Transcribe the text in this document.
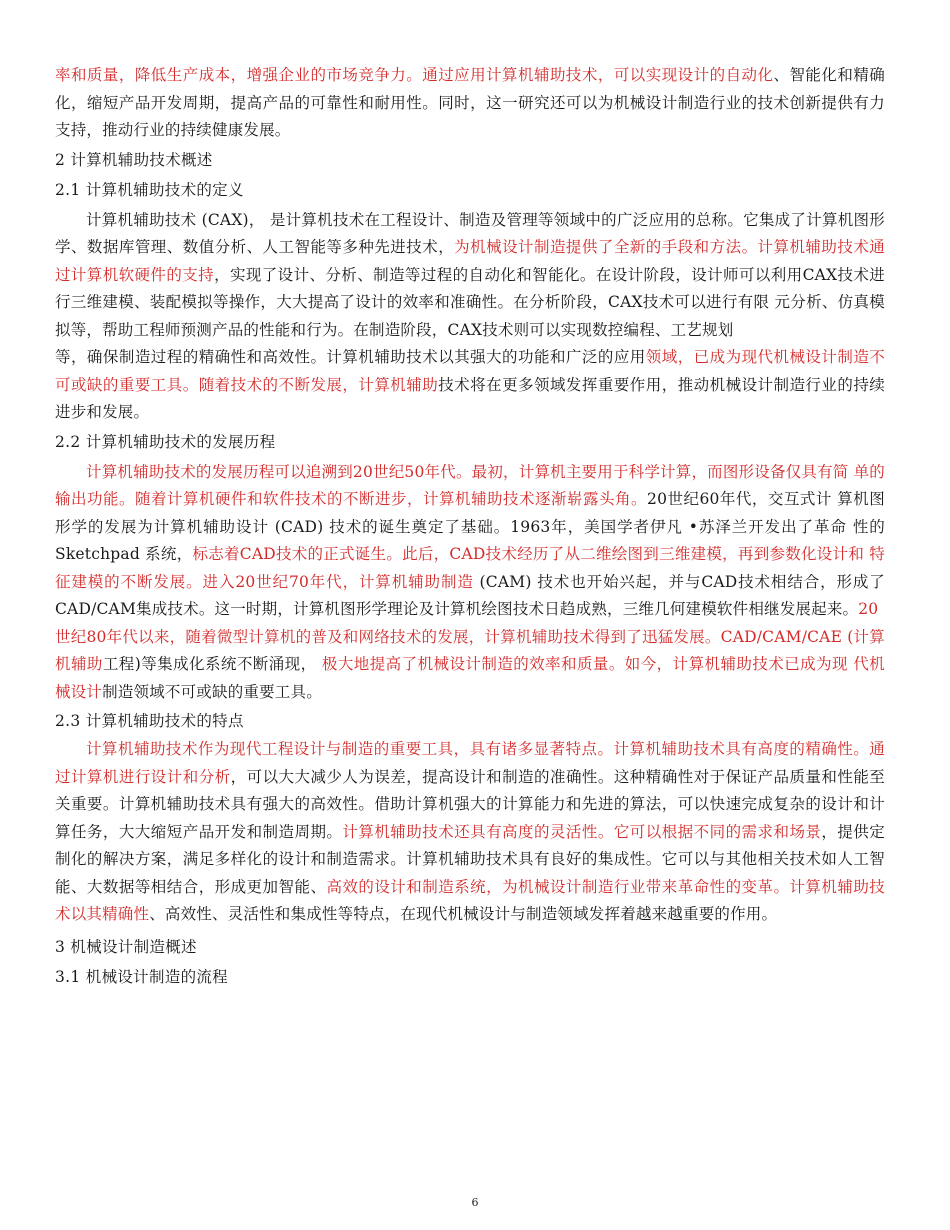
率和质量，降低生产成本，增强企业的市场竞争力。通过应用计算机辅助技术，可以实现设计的自动化、智能化和精确化，缩短产品开发周期，提高产品的可靠性和耐用性。同时，这一研究还可以为机械设计制造行业的技术创新提供有力支持，推动行业的持续健康发展。

2 计算机辅助技术概述
2.1 计算机辅助技术的定义

计算机辅助技术 (CAX)， 是计算机技术在工程设计、制造及管理等领域中的广泛应用的总称。它集成了计算机图形学、数据库管理、数值分析、人工智能等多种先进技术，为机械设计制造提供了全新的手段和方法。计算机辅助技术通过计算机软硬件的支持，实现了设计、分析、制造等过程的自动化和智能化。在设计阶段，设计师可以利用CAX技术进行三维建模、装配模拟等操作，大大提高了设计的效率和准确性。在分析阶段，CAX技术可以进行有限 元分析、仿真模拟等，帮助工程师预测产品的性能和行为。在制造阶段，CAX技术则可以实现数控编程、工艺规划

等，确保制造过程的精确性和高效性。计算机辅助技术以其强大的功能和广泛的应用领域，已成为现代机械设计制造不可或缺的重要工具。随着技术的不断发展，计算机辅助技术将在更多领域发挥重要作用，推动机械设计制造行业的持续进步和发展。

2.2 计算机辅助技术的发展历程

计算机辅助技术的发展历程可以追溯到20世纪50年代。最初，计算机主要用于科学计算，而图形设备仅具有简 单的输出功能。随着计算机硬件和软件技术的不断进步，计算机辅助技术逐渐崭露头角。20世纪60年代，交互式计 算机图形学的发展为计算机辅助设计 (CAD) 技术的诞生奠定了基础。1963年，美国学者伊凡 •苏泽兰开发出了革命 性的Sketchpad 系统，标志着CAD技术的正式诞生。此后，CAD技术经历了从二维绘图到三维建模，再到参数化设计和 特征建模的不断发展。进入20世纪70年代，计算机辅助制造 (CAM) 技术也开始兴起，并与CAD技术相结合，形成了 CAD/CAM集成技术。这一时期，计算机图形学理论及计算机绘图技术日趋成熟，三维几何建模软件相继发展起来。20

世纪80年代以来，随着微型计算机的普及和网络技术的发展，计算机辅助技术得到了迅猛发展。CAD/CAM/CAE (计算 机辅助工程)等集成化系统不断涌现， 极大地提高了机械设计制造的效率和质量。如今，计算机辅助技术已成为现 代机械设计制造领域不可或缺的重要工具。

2.3 计算机辅助技术的特点

计算机辅助技术作为现代工程设计与制造的重要工具，具有诸多显著特点。计算机辅助技术具有高度的精确性。通过计算机进行设计和分析，可以大大减少人为误差，提高设计和制造的准确性。这种精确性对于保证产品质量和性能至关重要。计算机辅助技术具有强大的高效性。借助计算机强大的计算能力和先进的算法，可以快速完成复杂的设计和计算任务，大大缩短产品开发和制造周期。计算机辅助技术还具有高度的灵活性。它可以根据不同的需求和场景，提供定制化的解决方案，满足多样化的设计和制造需求。计算机辅助技术具有良好的集成性。它可以与其他相关技术如人工智能、大数据等相结合，形成更加智能、高效的设计和制造系统，为机械设计制造行业带来革命性的变革。计算机辅助技术以其精确性、高效性、灵活性和集成性等特点，在现代机械设计与制造领域发挥着越来越重要的作用。

3 机械设计制造概述
3.1 机械设计制造的流程
6
